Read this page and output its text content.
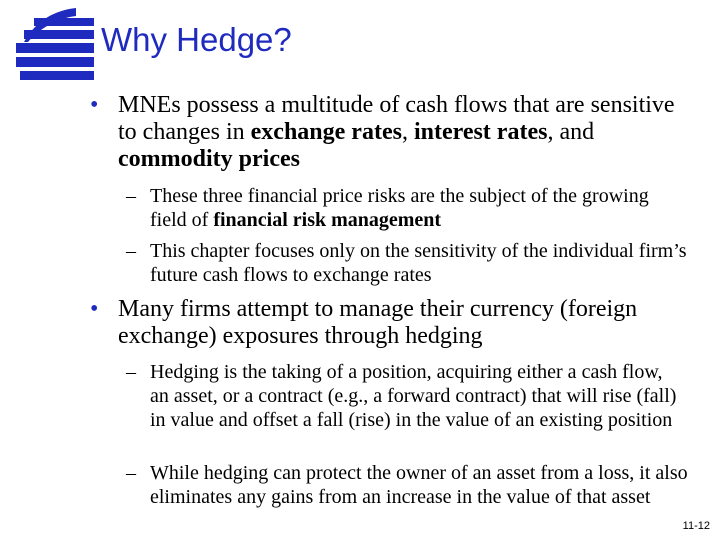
Why Hedge?
• MNEs possess a multitude of cash flows that are sensitive to changes in exchange rates, interest rates, and commodity prices
– These three financial price risks are the subject of the growing field of financial risk management
– This chapter focuses only on the sensitivity of the individual firm’s future cash flows to exchange rates
• Many firms attempt to manage their currency (foreign exchange) exposures through hedging
– Hedging is the taking of a position, acquiring either a cash flow, an asset, or a contract (e.g., a forward contract) that will rise (fall) in value and offset a fall (rise) in the value of an existing position
– While hedging can protect the owner of an asset from a loss, it also eliminates any gains from an increase in the value of that asset
11-12
